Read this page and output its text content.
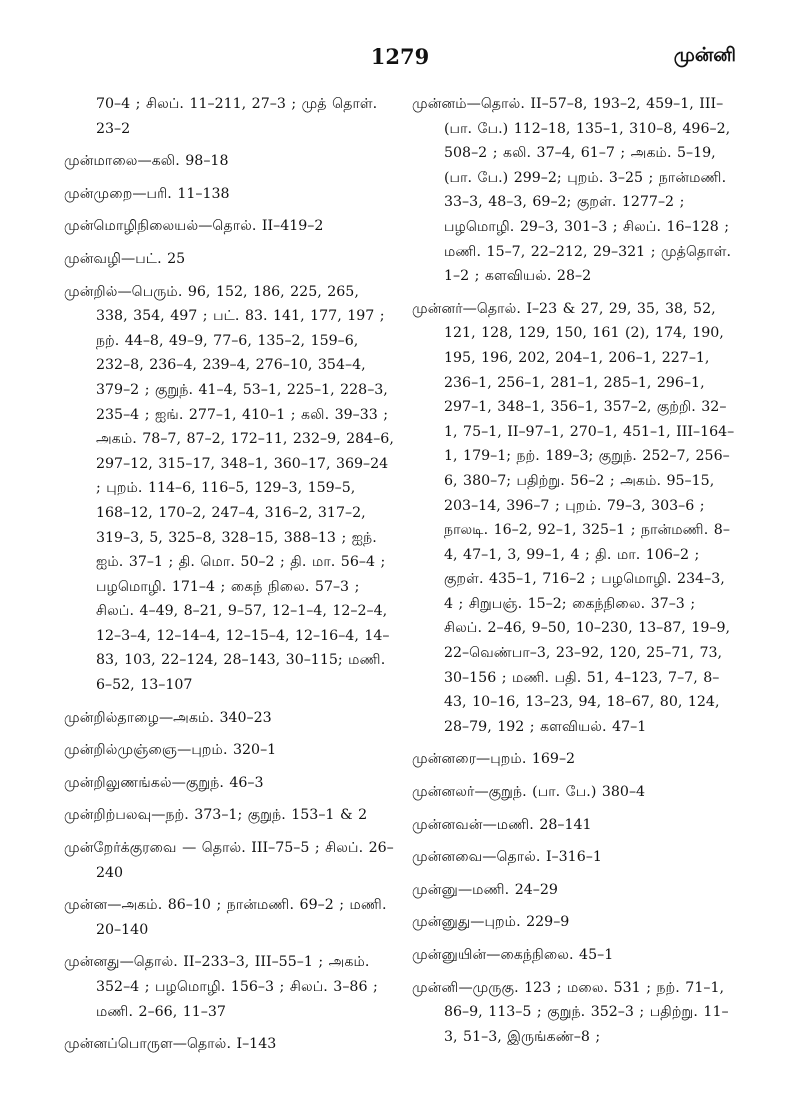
1279	முன்னி
70–4 ; சிலப். 11–211, 27–3 ; முத் தொள். 23–2
முன்மாலை—கலி. 98–18
முன்முறை—பரி. 11–138
முன்மொழிநிலையல்—தொல். II–419–2
முன்வழி—பட். 25
முன்றில்—பெரும். 96, 152, 186, 225, 265, 338, 354, 497 ; பட். 83. 141, 177, 197 ; நற். 44–8, 49–9, 77–6, 135–2, 159–6, 232–8, 236–4, 239–4, 276–10, 354–4, 379–2 ; குறுந். 41–4, 53–1, 225–1, 228–3, 235–4 ; ஐங். 277–1, 410–1 ; கலி. 39–33 ; அகம். 78–7, 87–2, 172–11, 232–9, 284–6, 297–12, 315–17, 348–1, 360–17, 369–24 ; புறம். 114–6, 116–5, 129–3, 159–5, 168–12, 170–2, 247–4, 316–2, 317–2, 319–3, 5, 325–8, 328–15, 388–13 ; ஐந். ஐம். 37–1 ; தி. மொ. 50–2 ; தி. மா. 56–4 ; பழமொழி. 171–4 ; கைந் நிலை. 57–3 ; சிலப். 4–49, 8–21, 9–57, 12–1–4, 12–2–4, 12–3–4, 12–14–4, 12–15–4, 12–16–4, 14–83, 103, 22–124, 28–143, 30–115; மணி. 6–52, 13–107
முன்றில்தாழை—அகம். 340–23
முன்றில்முஞ்ஞை—புறம். 320–1
முன்றிலுணங்கல்—குறுந். 46–3
முன்றிற்பலவு—நற். 373–1; குறுந். 153–1 & 2
முன்றேர்க்குரவை — தொல். III–75–5 ; சிலப். 26–240
முன்ன—அகம். 86–10 ; நான்மணி. 69–2 ; மணி. 20–140
முன்னது—தொல். II–233–3, III–55–1 ; அகம். 352–4 ; பழமொழி. 156–3 ; சிலப். 3–86 ; மணி. 2–66, 11–37
முன்னப்பொருள—தொல். I–143
முன்னம்—தொல். II–57–8, 193–2, 459–1, III–(பா. பே.) 112–18, 135–1, 310–8, 496–2, 508–2 ; கலி. 37–4, 61–7 ; அகம். 5–19, (பா. பே.) 299–2; புறம். 3–25 ; நான்மணி. 33–3, 48–3, 69–2; குறள். 1277–2 ; பழமொழி. 29–3, 301–3 ; சிலப். 16–128 ; மணி. 15–7, 22–212, 29–321 ; முத்தொள். 1–2 ; களவியல். 28–2
முன்னர்—தொல். I–23 & 27, 29, 35, 38, 52, 121, 128, 129, 150, 161 (2), 174, 190, 195, 196, 202, 204–1, 206–1, 227–1, 236–1, 256–1, 281–1, 285–1, 296–1, 297–1, 348–1, 356–1, 357–2, குற்றி. 32–1, 75–1, II–97–1, 270–1, 451–1, III–164–1, 179–1; நற். 189–3; குறுந். 252–7, 256–6, 380–7; பதிற்று. 56–2 ; அகம். 95–15, 203–14, 396–7 ; புறம். 79–3, 303–6 ; நாலடி. 16–2, 92–1, 325–1 ; நான்மணி. 8–4, 47–1, 3, 99–1, 4 ; தி. மா. 106–2 ; குறள். 435–1, 716–2 ; பழமொழி. 234–3, 4 ; சிறுபஞ். 15–2; கைந்நிலை. 37–3 ; சிலப். 2–46, 9–50, 10–230, 13–87, 19–9, 22–வெண்பா–3, 23–92, 120, 25–71, 73, 30–156 ; மணி. பதி. 51, 4–123, 7–7, 8–43, 10–16, 13–23, 94, 18–67, 80, 124, 28–79, 192 ; களவியல். 47–1
முன்னரை—புறம். 169–2
முன்னலர்—குறுந். (பா. பே.) 380–4
முன்னவன்—மணி. 28–141
முன்னவை—தொல். I–316–1
முன்னு—மணி. 24–29
முன்னுது—புறம். 229–9
முன்னுயின்—கைந்நிலை. 45–1
முன்னி—முருகு. 123 ; மலை. 531 ; நற். 71–1, 86–9, 113–5 ; குறுந். 352–3 ; பதிற்று. 11–3, 51–3, இருங்கண்–8 ;
